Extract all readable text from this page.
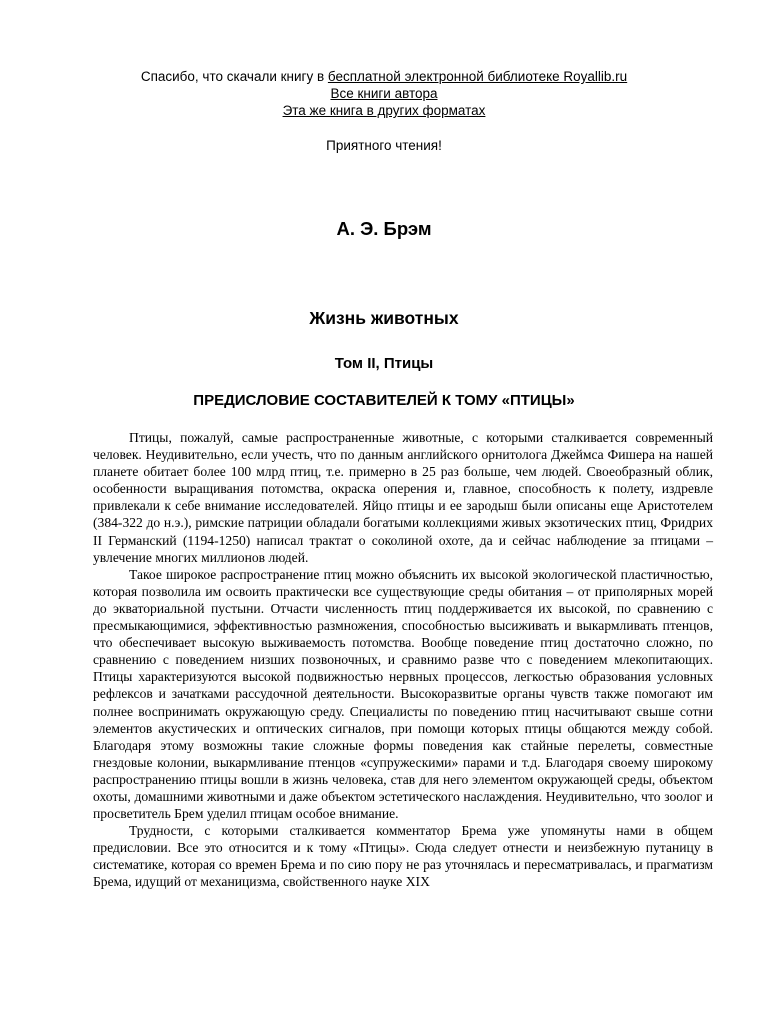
Спасибо, что скачали книгу в бесплатной электронной библиотеке Royallib.ru
Все книги автора
Эта же книга в других форматах
Приятного чтения!
А. Э. Брэм
Жизнь животных
Том II, Птицы
ПРЕДИСЛОВИЕ СОСТАВИТЕЛЕЙ К ТОМУ «ПТИЦЫ»

Птицы, пожалуй, самые распространенные животные, с которыми сталкивается современный человек. Неудивительно, если учесть, что по данным английского орнитолога Джеймса Фишера на нашей планете обитает более 100 млрд птиц, т.е. примерно в 25 раз больше, чем людей. Своеобразный облик, особенности выращивания потомства, окраска оперения и, главное, способность к полету, издревле привлекали к себе внимание исследователей. Яйцо птицы и ее зародыш были описаны еще Аристотелем (384-322 до н.э.), римские патриции обладали богатыми коллекциями живых экзотических птиц, Фридрих II Германский (1194-1250) написал трактат о соколиной охоте, да и сейчас наблюдение за птицами – увлечение многих миллионов людей.

Такое широкое распространение птиц можно объяснить их высокой экологической пластичностью, которая позволила им освоить практически все существующие среды обитания – от приполярных морей до экваториальной пустыни. Отчасти численность птиц поддерживается их высокой, по сравнению с пресмыкающимися, эффективностью размножения, способностью высиживать и выкармливать птенцов, что обеспечивает высокую выживаемость потомства. Вообще поведение птиц достаточно сложно, по сравнению с поведением низших позвоночных, и сравнимо разве что с поведением млекопитающих. Птицы характеризуются высокой подвижностью нервных процессов, легкостью образования условных рефлексов и зачатками рассудочной деятельности. Высокоразвитые органы чувств также помогают им полнее воспринимать окружающую среду. Специалисты по поведению птиц насчитывают свыше сотни элементов акустических и оптических сигналов, при помощи которых птицы общаются между собой. Благодаря этому возможны такие сложные формы поведения как стайные перелеты, совместные гнездовые колонии, выкармливание птенцов «супружескими» парами и т.д. Благодаря своему широкому распространению птицы вошли в жизнь человека, став для него элементом окружающей среды, объектом охоты, домашними животными и даже объектом эстетического наслаждения. Неудивительно, что зоолог и просветитель Брем уделил птицам особое внимание.

Трудности, с которыми сталкивается комментатор Брема уже упомянуты нами в общем предисловии. Все это относится и к тому «Птицы». Сюда следует отнести и неизбежную путаницу в систематике, которая со времен Брема и по сию пору не раз уточнялась и пересматривалась, и прагматизм Брема, идущий от механицизма, свойственного науке XIX
